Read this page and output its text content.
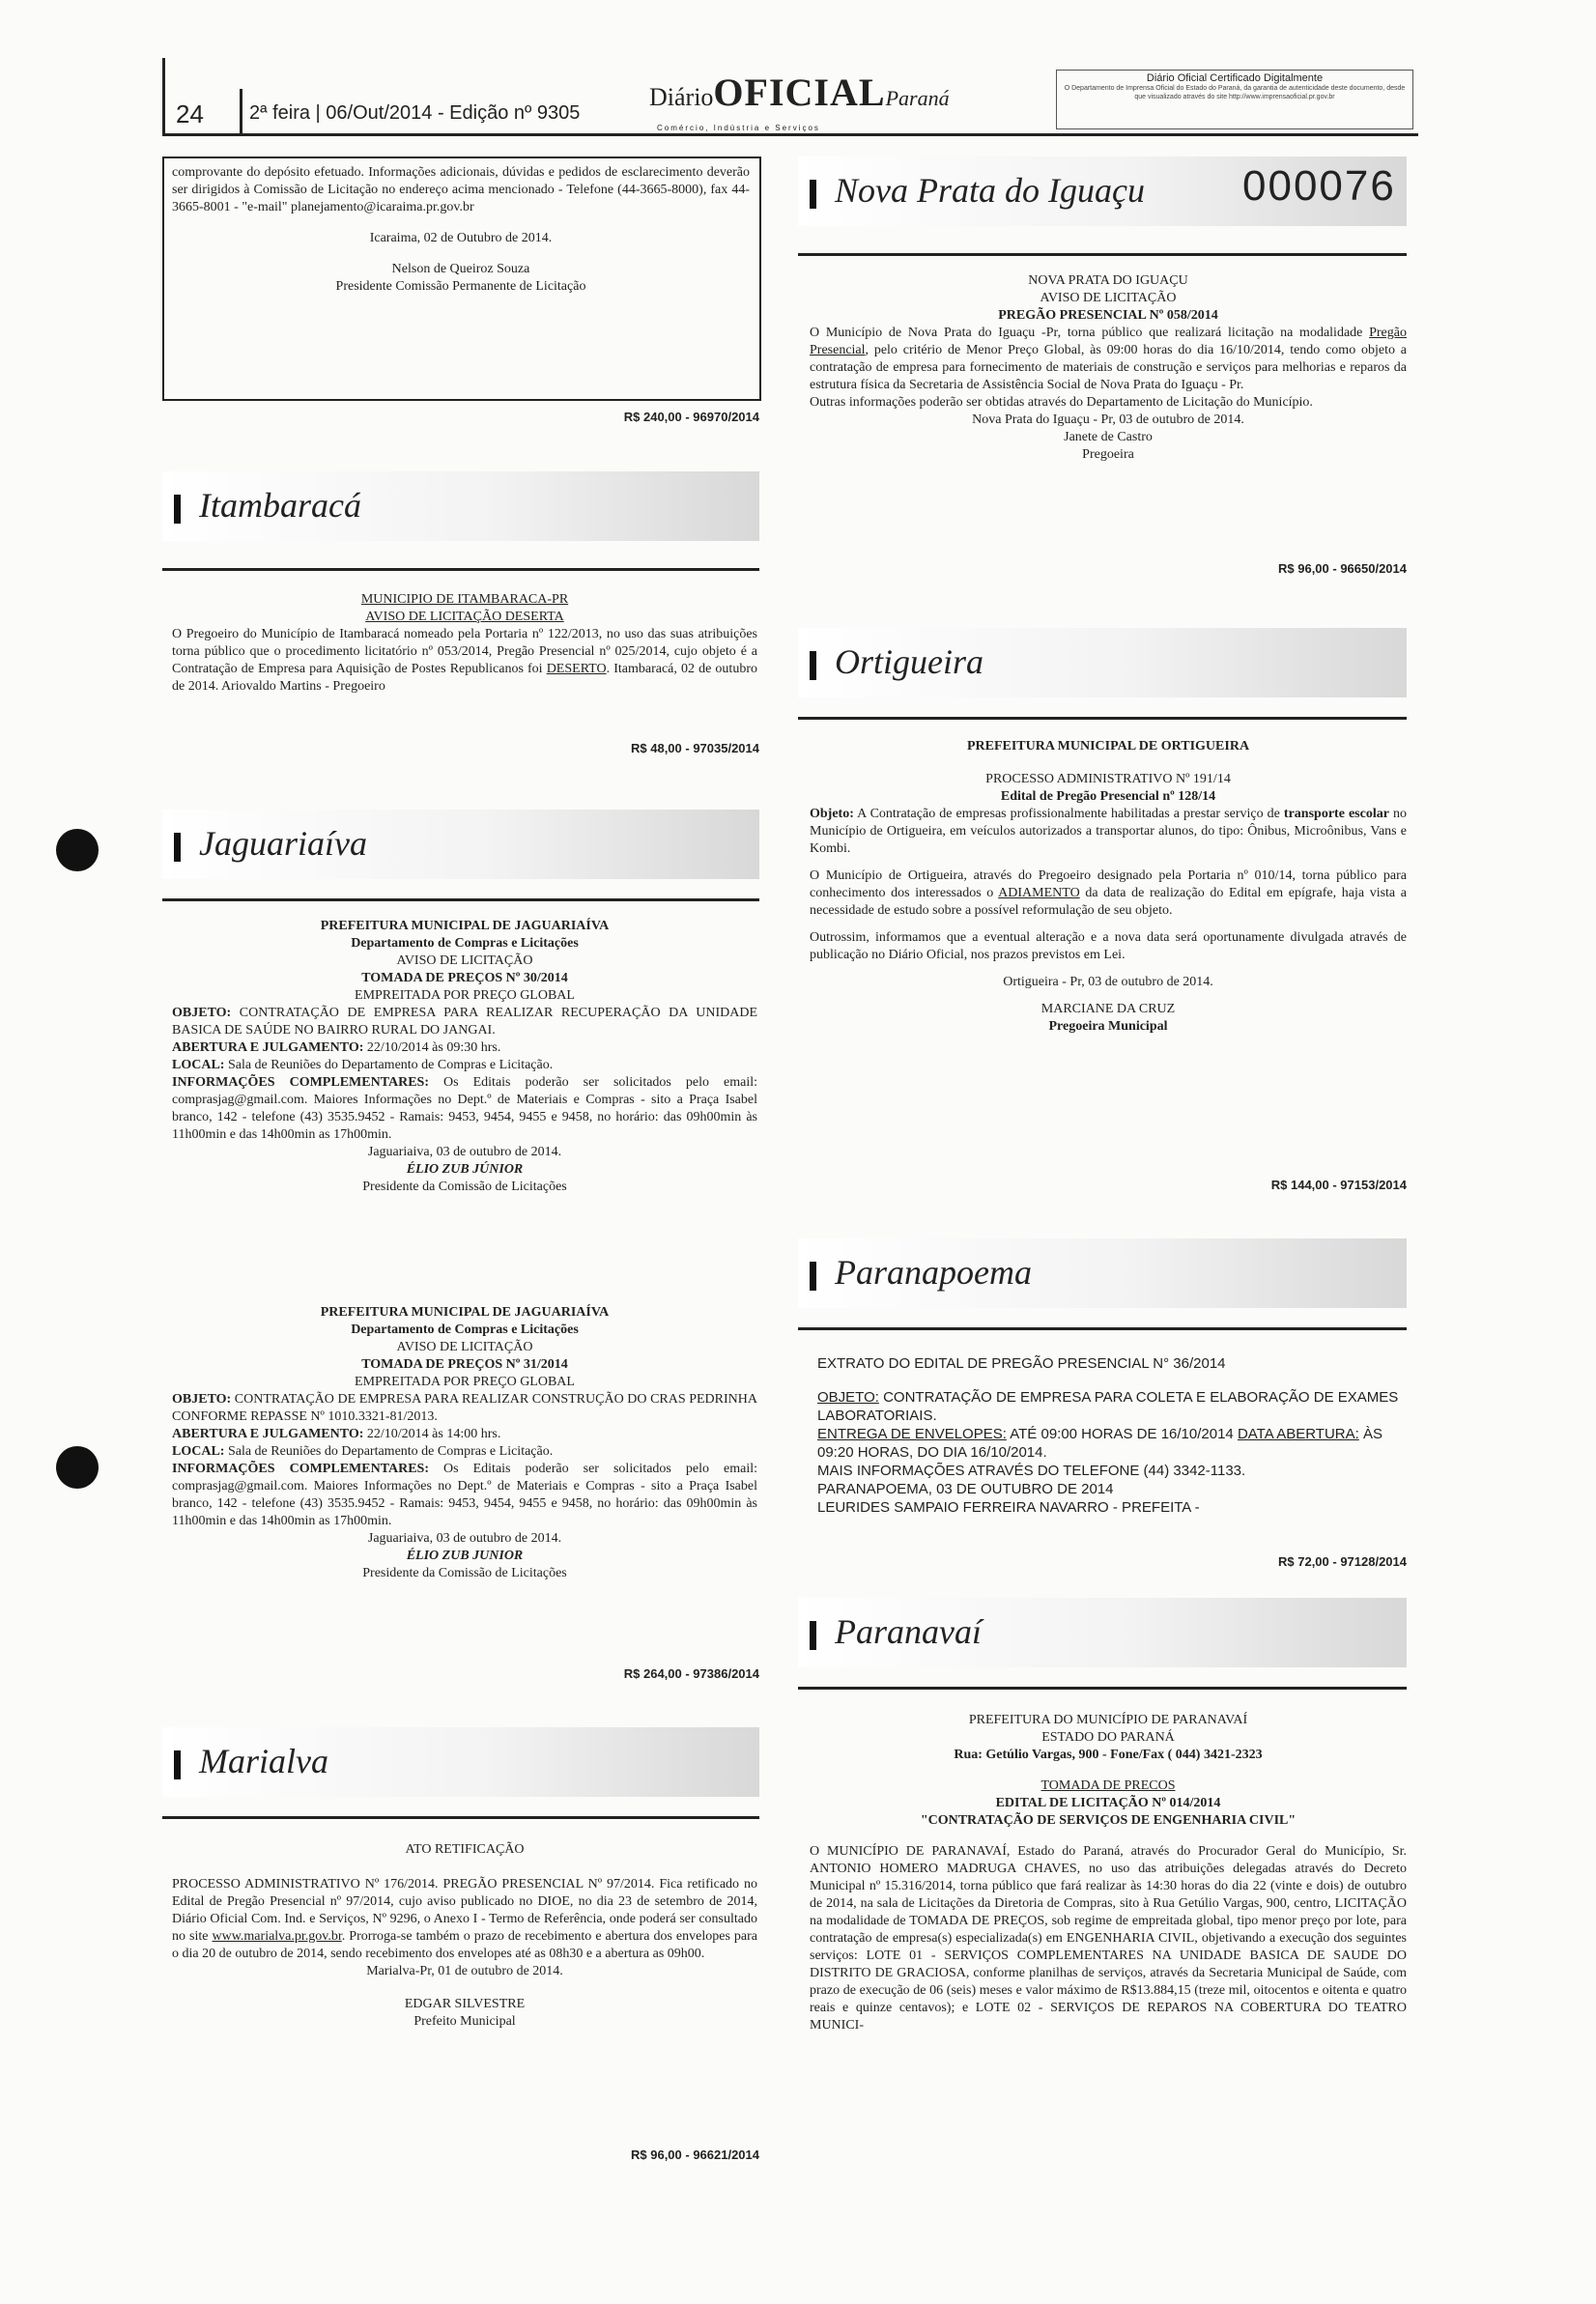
24 2ª feira | 06/Out/2014 - Edição nº 9305
DiárioOFICIALParaná
Comércio, Indústria e Serviços
Diário Oficial Certificado Digitalmente
O Departamento de Imprensa Oficial do Estado do Paraná, da garantia de autenticidade deste documento, desde que visualizado através do site http://www.imprensaoficial.pr.gov.br
comprovante do depósito efetuado. Informações adicionais, dúvidas e pedidos de esclarecimento deverão ser dirigidos à Comissão de Licitação no endereço acima mencionado - Telefone (44-3665-8000), fax 44-3665-8001 - "e-mail" planejamento@icaraima.pr.gov.br
Icaraima, 02 de Outubro de 2014.
Nelson de Queiroz Souza
Presidente Comissão Permanente de Licitação
R$ 240,00 - 96970/2014
Itambaracá
MUNICIPIO DE ITAMBARACA-PR
AVISO DE LICITAÇÃO DESERTA
O Pregoeiro do Município de Itambaracá nomeado pela Portaria nº 122/2013, no uso das suas atribuições torna público que o procedimento licitatório nº 053/2014, Pregão Presencial nº 025/2014, cujo objeto é a Contratação de Empresa para Aquisição de Postes Republicanos foi DESERTO. Itambaracá, 02 de outubro de 2014. Ariovaldo Martins - Pregoeiro
R$ 48,00 - 97035/2014
Jaguariaíva
PREFEITURA MUNICIPAL DE JAGUARIAÍVA
Departamento de Compras e Licitações
AVISO DE LICITAÇÃO
TOMADA DE PREÇOS Nº 30/2014
EMPREITADA POR PREÇO GLOBAL
OBJETO: CONTRATAÇÃO DE EMPRESA PARA REALIZAR RECUPERAÇÃO DA UNIDADE BASICA DE SAÚDE NO BAIRRO RURAL DO JANGAI.
ABERTURA E JULGAMENTO: 22/10/2014 às 09:30 hrs.
LOCAL: Sala de Reuniões do Departamento de Compras e Licitação.
INFORMAÇÕES COMPLEMENTARES: Os Editais poderão ser solicitados pelo email: comprasjag@gmail.com. Maiores Informações no Dept.º de Materiais e Compras - sito a Praça Isabel branco, 142 - telefone (43) 3535.9452 - Ramais: 9453, 9454, 9455 e 9458, no horário: das 09h00min às 11h00min e das 14h00min as 17h00min.
Jaguariaiva, 03 de outubro de 2014.
ÉLIO ZUB JÚNIOR
Presidente da Comissão de Licitações
PREFEITURA MUNICIPAL DE JAGUARIAÍVA
Departamento de Compras e Licitações
AVISO DE LICITAÇÃO
TOMADA DE PREÇOS Nº 31/2014
EMPREITADA POR PREÇO GLOBAL
OBJETO: CONTRATAÇÃO DE EMPRESA PARA REALIZAR CONSTRUÇÃO DO CRAS PEDRINHA CONFORME REPASSE Nº 1010.3321-81/2013.
ABERTURA E JULGAMENTO: 22/10/2014 às 14:00 hrs.
LOCAL: Sala de Reuniões do Departamento de Compras e Licitação.
INFORMAÇÕES COMPLEMENTARES: Os Editais poderão ser solicitados pelo email: comprasjag@gmail.com. Maiores Informações no Dept.º de Materiais e Compras - sito a Praça Isabel branco, 142 - telefone (43) 3535.9452 - Ramais: 9453, 9454, 9455 e 9458, no horário: das 09h00min às 11h00min e das 14h00min as 17h00min.
Jaguariaiva, 03 de outubro de 2014.
ÉLIO ZUB JUNIOR
Presidente da Comissão de Licitações
R$ 264,00 - 97386/2014
Marialva
ATO RETIFICAÇÃO
PROCESSO ADMINISTRATIVO Nº 176/2014. PREGÃO PRESENCIAL Nº 97/2014. Fica retificado no Edital de Pregão Presencial nº 97/2014, cujo aviso publicado no DIOE, no dia 23 de setembro de 2014, Diário Oficial Com. Ind. e Serviços, Nº 9296, o Anexo I - Termo de Referência, onde poderá ser consultado no site www.marialva.pr.gov.br. Prorroga-se também o prazo de recebimento e abertura dos envelopes para o dia 20 de outubro de 2014, sendo recebimento dos envelopes até as 08h30 e a abertura as 09h00.
Marialva-Pr, 01 de outubro de 2014.
EDGAR SILVESTRE
Prefeito Municipal
R$ 96,00 - 96621/2014
Nova Prata do Iguaçu 000076
NOVA PRATA DO IGUAÇU
AVISO DE LICITAÇÃO
PREGÃO PRESENCIAL Nº 058/2014
O Município de Nova Prata do Iguaçu -Pr, torna público que realizará licitação na modalidade Pregão Presencial, pelo critério de Menor Preço Global, às 09:00 horas do dia 16/10/2014, tendo como objeto a contratação de empresa para fornecimento de materiais de construção e serviços para melhorias e reparos da estrutura física da Secretaria de Assistência Social de Nova Prata do Iguaçu - Pr.
Outras informações poderão ser obtidas através do Departamento de Licitação do Município.
Nova Prata do Iguaçu - Pr, 03 de outubro de 2014.
Janete de Castro
Pregoeira
R$ 96,00 - 96650/2014
Ortigueira
PREFEITURA MUNICIPAL DE ORTIGUEIRA
PROCESSO ADMINISTRATIVO Nº 191/14
Edital de Pregão Presencial nº 128/14
Objeto: A Contratação de empresas profissionalmente habilitadas a prestar serviço de transporte escolar no Município de Ortigueira, em veículos autorizados a transportar alunos, do tipo: Ônibus, Microônibus, Vans e Kombi.
O Município de Ortigueira, através do Pregoeiro designado pela Portaria nº 010/14, torna público para conhecimento dos interessados o ADIAMENTO da data de realização do Edital em epígrafe, haja vista a necessidade de estudo sobre a possível reformulação de seu objeto.
Outrossim, informamos que a eventual alteração e a nova data será oportunamente divulgada através de publicação no Diário Oficial, nos prazos previstos em Lei.
Ortigueira - Pr, 03 de outubro de 2014.
MARCIANE DA CRUZ
Pregoeira Municipal
R$ 144,00 - 97153/2014
Paranapoema
EXTRATO DO EDITAL DE PREGÃO PRESENCIAL N° 36/2014
OBJETO: CONTRATAÇÃO DE EMPRESA PARA COLETA E ELABORAÇÃO DE EXAMES LABORATORIAIS.
ENTREGA DE ENVELOPES: ATÉ 09:00 HORAS DE 16/10/2014 DATA ABERTURA: ÀS 09:20 HORAS, DO DIA 16/10/2014.
MAIS INFORMAÇÕES ATRAVÉS DO TELEFONE (44) 3342-1133.
PARANAPOEMA, 03 DE OUTUBRO DE 2014
LEURIDES SAMPAIO FERREIRA NAVARRO - PREFEITA -
R$ 72,00 - 97128/2014
Paranavaí
PREFEITURA DO MUNICÍPIO DE PARANAVAÍ
ESTADO DO PARANÁ
Rua: Getúlio Vargas, 900 - Fone/Fax ( 044) 3421-2323
TOMADA DE PRECOS
EDITAL DE LICITAÇÃO Nº 014/2014
"CONTRATAÇÃO DE SERVIÇOS DE ENGENHARIA CIVIL"
O MUNICÍPIO DE PARANAVAÍ, Estado do Paraná, através do Procurador Geral do Município, Sr. ANTONIO HOMERO MADRUGA CHAVES, no uso das atribuições delegadas através do Decreto Municipal nº 15.316/2014, torna público que fará realizar às 14:30 horas do dia 22 (vinte e dois) de outubro de 2014, na sala de Licitações da Diretoria de Compras, sito à Rua Getúlio Vargas, 900, centro, LICITAÇÃO na modalidade de TOMADA DE PREÇOS, sob regime de empreitada global, tipo menor preço por lote, para contratação de empresa(s) especializada(s) em ENGENHARIA CIVIL, objetivando a execução dos seguintes serviços: LOTE 01 - SERVIÇOS COMPLEMENTARES NA UNIDADE BASICA DE SAUDE DO DISTRITO DE GRACIOSA, conforme planilhas de serviços, através da Secretaria Municipal de Saúde, com prazo de execução de 06 (seis) meses e valor máximo de R$13.884,15 (treze mil, oitocentos e oitenta e quatro reais e quinze centavos); e LOTE 02 - SERVIÇOS DE REPAROS NA COBERTURA DO TEATRO MUNICI-
